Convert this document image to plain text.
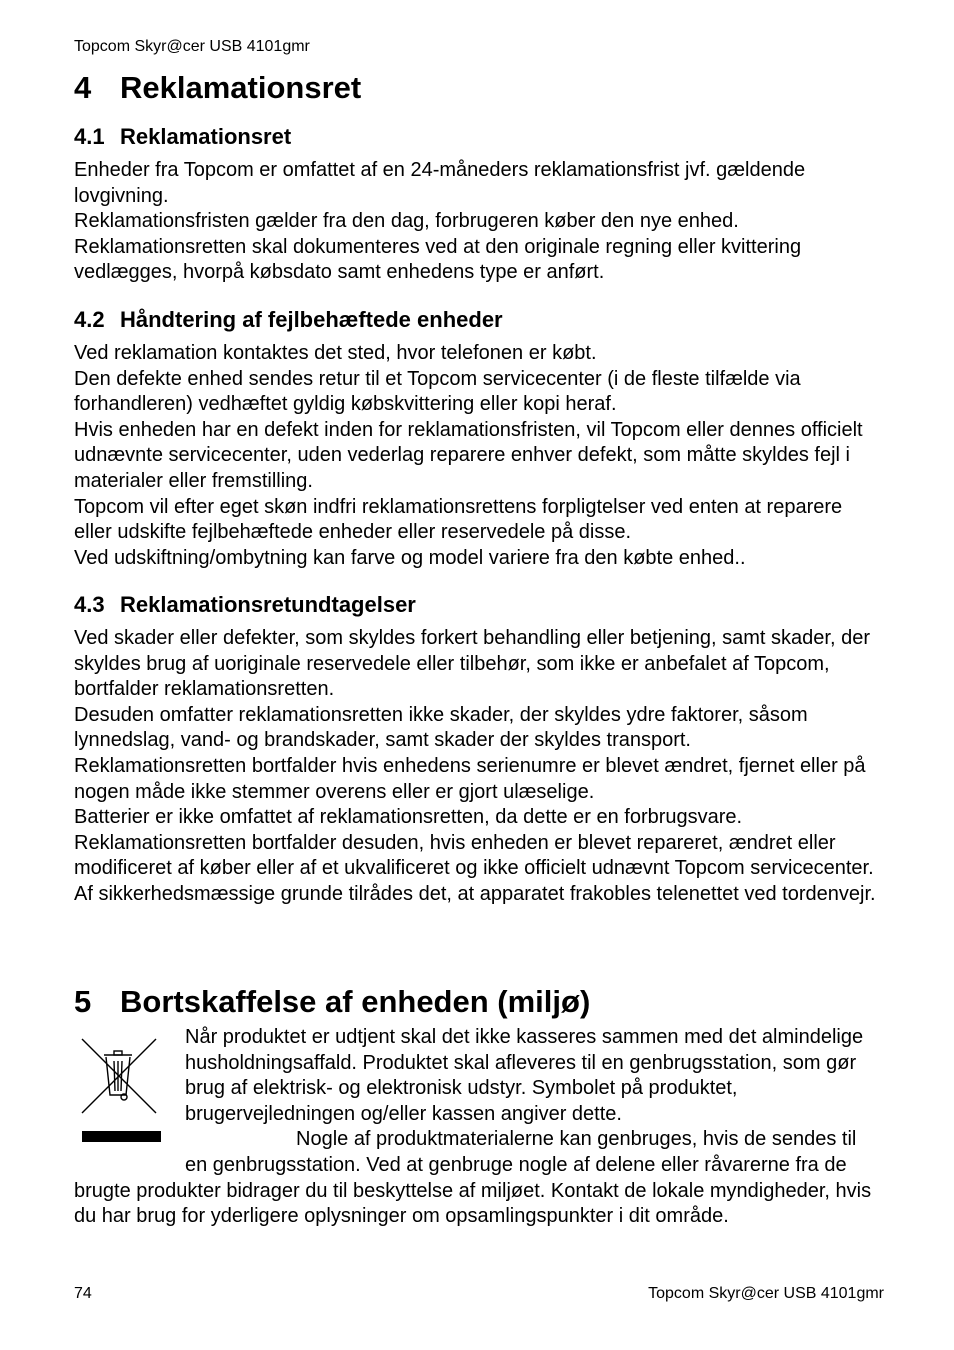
Topcom Skyr@cer USB 4101gmr
4 Reklamationsret
4.1 Reklamationsret

Enheder fra Topcom er omfattet af en 24-måneders reklamationsfrist jvf. gældende lovgivning.

Reklamationsfristen gælder fra den dag, forbrugeren køber den nye enhed.

Reklamationsretten skal dokumenteres ved at den originale regning eller kvittering vedlægges, hvorpå købsdato samt enhedens type er anført.

4.2 Håndtering af fejlbehæftede enheder

Ved reklamation kontaktes det sted, hvor telefonen er købt.

Den defekte enhed sendes retur til et Topcom servicecenter (i de fleste tilfælde via forhandleren) vedhæftet gyldig købskvittering eller kopi heraf.

Hvis enheden har en defekt inden for reklamationsfristen, vil Topcom eller dennes officielt udnævnte servicecenter, uden vederlag reparere enhver defekt, som måtte skyldes fejl i materialer eller fremstilling.

Topcom vil efter eget skøn indfri reklamationsrettens forpligtelser ved enten at reparere eller udskifte fejlbehæftede enheder eller reservedele på disse.

Ved udskiftning/ombytning kan farve og model variere fra den købte enhed..

4.3 Reklamationsretundtagelser

Ved skader eller defekter, som skyldes forkert behandling eller betjening, samt skader, der skyldes brug af uoriginale reservedele eller tilbehør, som ikke er anbefalet af Topcom, bortfalder reklamationsretten.

Desuden omfatter reklamationsretten ikke skader, der skyldes ydre faktorer, såsom lynnedslag, vand- og brandskader, samt skader der skyldes transport.

Reklamationsretten bortfalder hvis enhedens serienumre er blevet ændret, fjernet eller på nogen måde ikke stemmer overens eller er gjort ulæselige.

Batterier er ikke omfattet af reklamationsretten, da dette er en forbrugsvare.

Reklamationsretten bortfalder desuden, hvis enheden er blevet repareret, ændret eller modificeret af køber eller af et ukvalificeret og ikke officielt udnævnt Topcom servicecenter.

Af sikkerhedsmæssige grunde tilrådes det, at apparatet frakobles telenettet ved tordenvejr.

5 Bortskaffelse af enheden (miljø)

Når produktet er udtjent skal det ikke kasseres sammen med det almindelige husholdningsaffald. Produktet skal afleveres til en genbrugsstation, som gør brug af elektrisk- og elektronisk udstyr. Symbolet på produktet, brugervejledningen og/eller kassen angiver dette.

Nogle af produktmaterialerne kan genbruges, hvis de sendes til en genbrugsstation. Ved at genbruge nogle af delene eller råvarerne fra de brugte produkter bidrager du til beskyttelse af miljøet. Kontakt de lokale myndigheder, hvis du har brug for yderligere oplysninger om opsamlingspunkter i dit område.

74	Topcom Skyr@cer USB 4101gmr
